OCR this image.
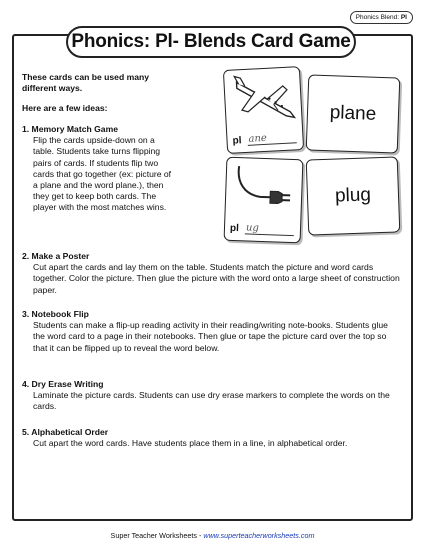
Phonics Blend: Pl
Phonics: Pl- Blends Card Game
These cards can be used many different ways.
Here are a few ideas:
1. Memory Match Game
Flip the cards upside-down on a table. Students take turns flipping pairs of cards. If students flip two cards that go together (ex: picture of a plane and the word plane.), then they get to keep both cards. The player with the most matches wins.
2. Make a Poster
Cut apart the cards and lay them on the table. Students match the picture and word cards together. Color the picture. Then glue the picture with the word onto a large sheet of construction paper.
3. Notebook Flip
Students can make a flip-up reading activity in their reading/writing note-books. Students glue the word card to a page in their notebooks. Then glue or tape the picture card over the top so that it can be flipped up to reveal the word below.
4. Dry Erase Writing
Laminate the picture cards. Students can use dry erase markers to complete the words on the cards.
5. Alphabetical Order
Cut apart the word cards. Have students place them in a line, in alphabetical order.
pl ane
plane
pl ug
plug
Super Teacher Worksheets - www.superteacherworksheets.com
